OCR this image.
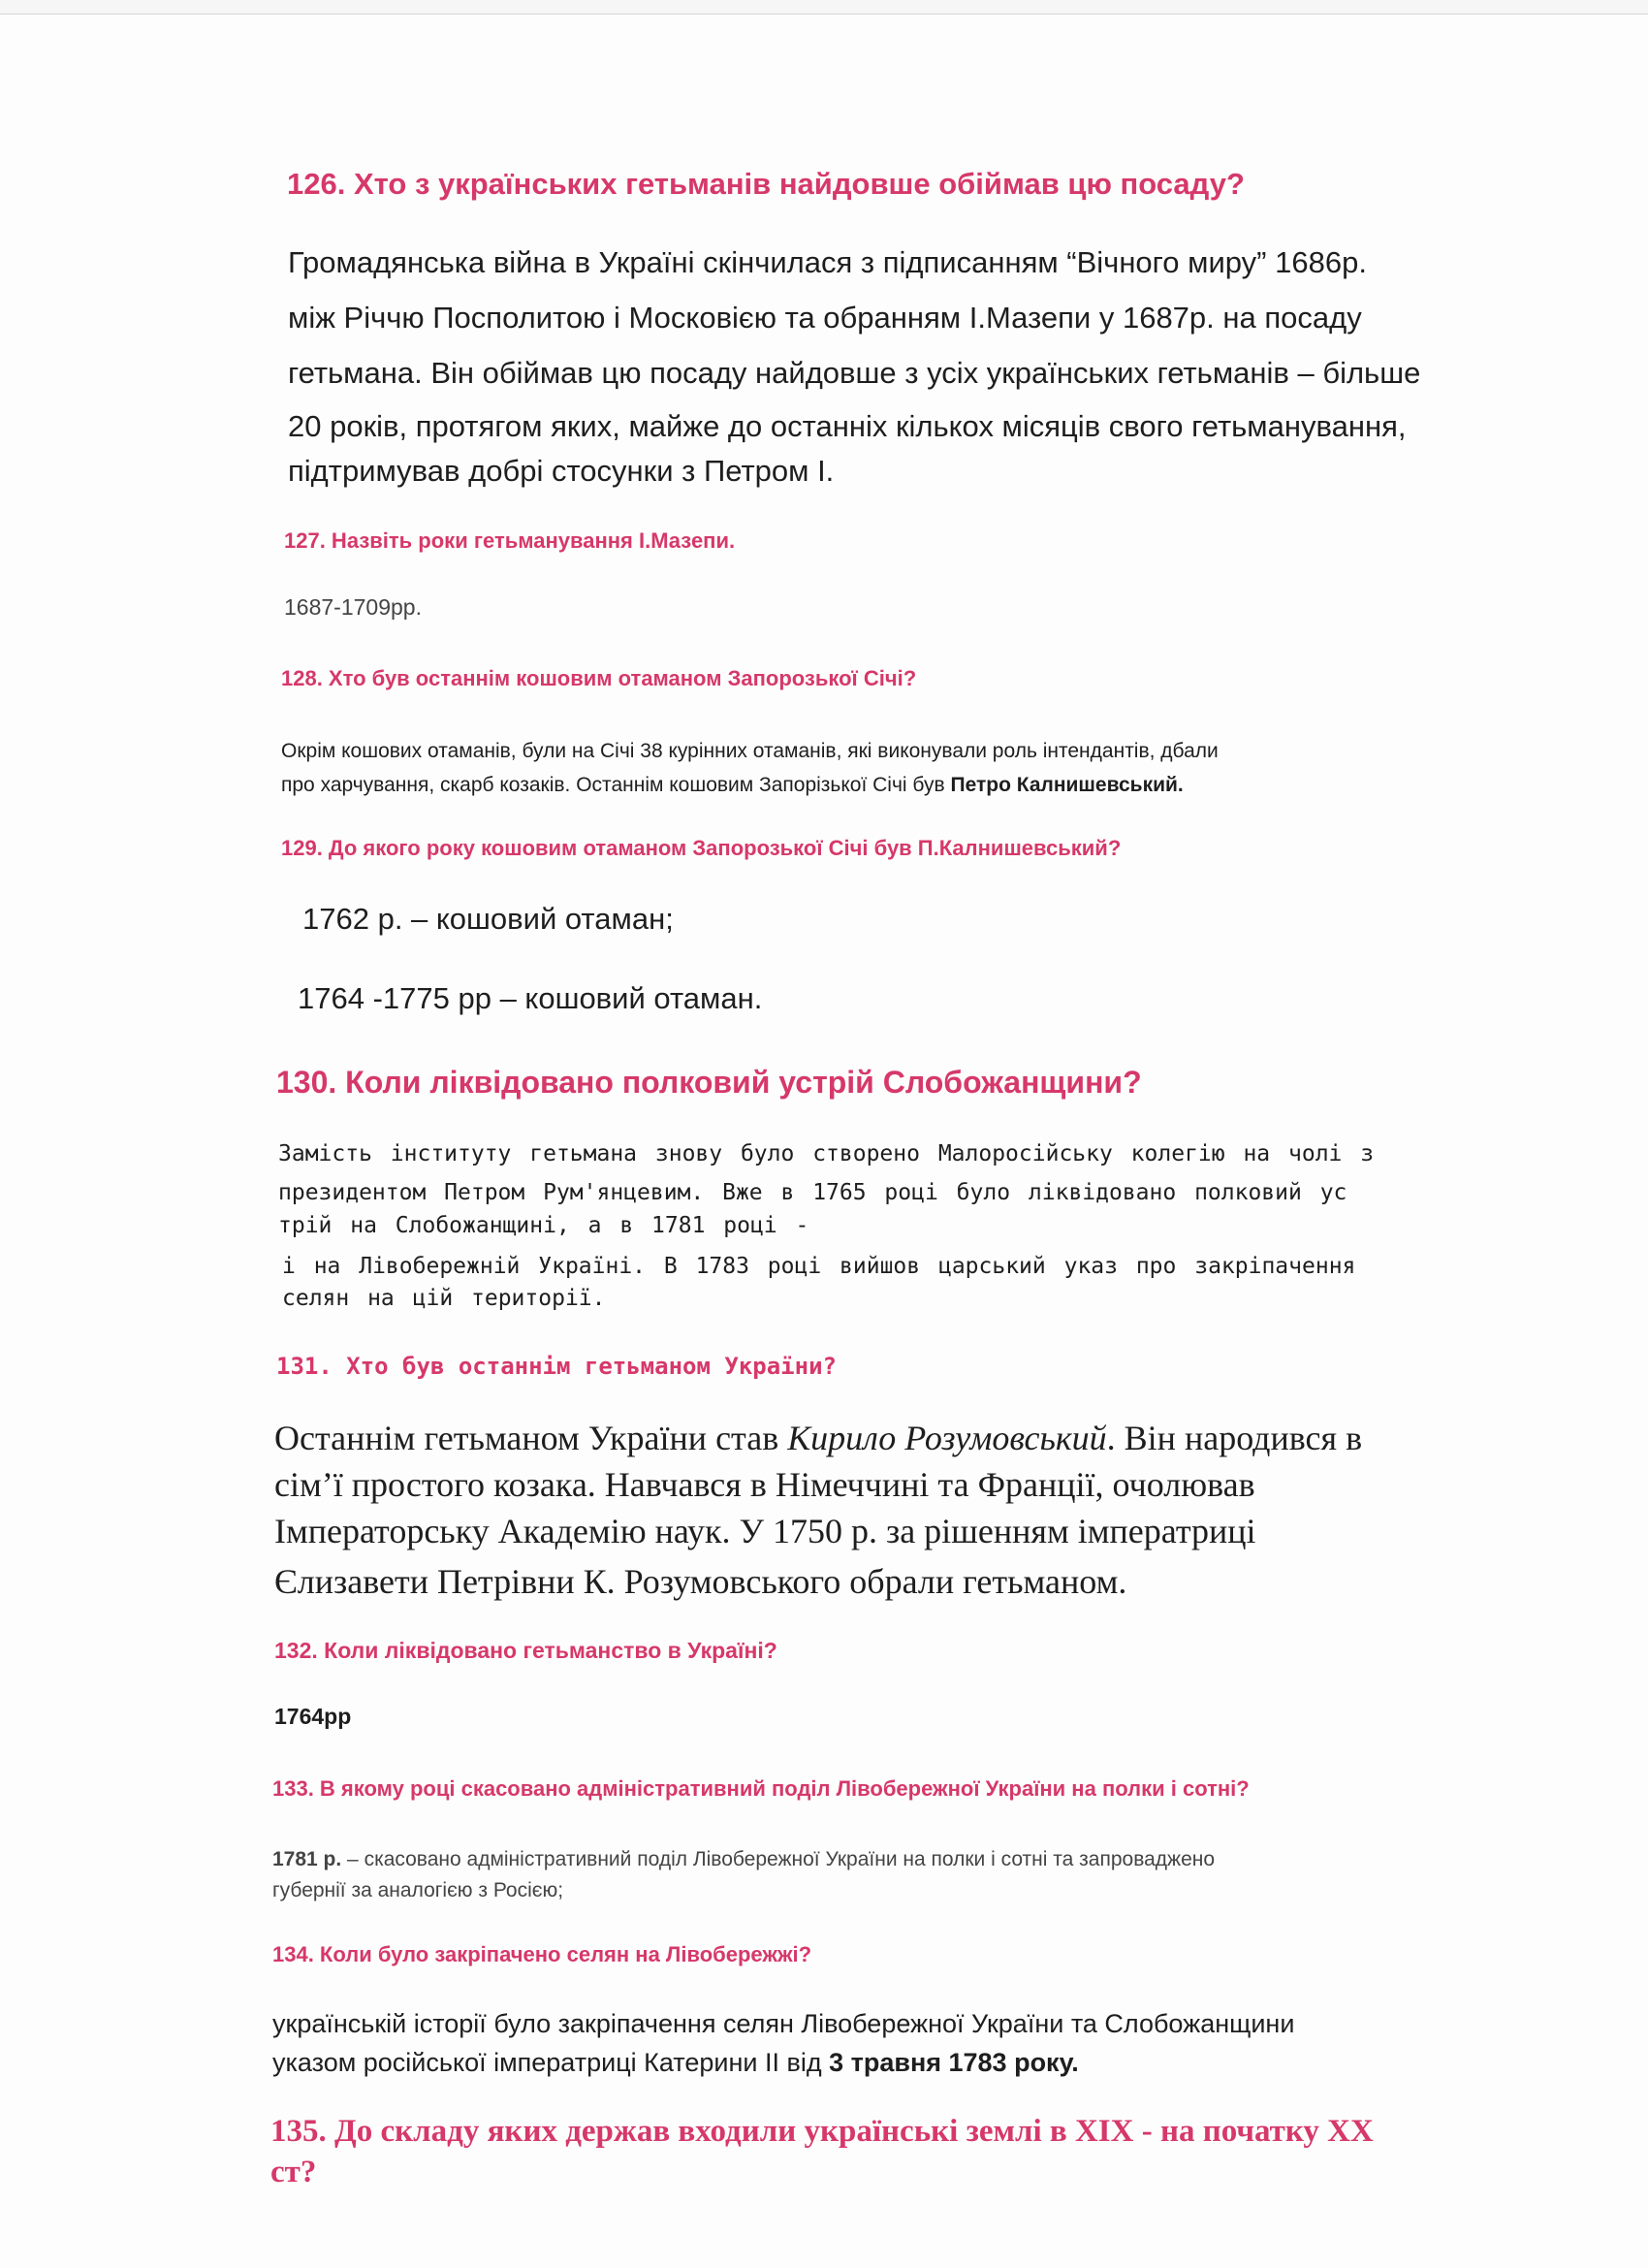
126. Хто з українських гетьманів найдовше обіймав цю посаду?
Громадянська війна в Україні скінчилася з підписанням “Вічного миру” 1686р.
між Річчю Посполитою і Московією та обранням І.Мазепи у 1687р. на посаду
гетьмана. Він обіймав цю посаду найдовше з усіх українських гетьманів – більше
20 років, протягом яких, майже до останніх кількох місяців свого гетьманування,
підтримував добрі стосунки з Петром І.
127. Назвіть роки гетьманування І.Мазепи.
1687-1709рр.
128. Хто був останнім кошовим отаманом Запорозької Січі?
Окрім кошових отаманів, були на Січі 38 курінних отаманів, які виконували роль інтендантів, дбали
про харчування, скарб козаків. Останнім кошовим Запорізької Січі був Петро Калнишевський.
129. До якого року кошовим отаманом Запорозької Січі був П.Калнишевський?
1762 р. – кошовий отаман;
1764 -1775 рр – кошовий отаман.
130. Коли ліквідовано полковий устрій Слобожанщини?
Замість інституту гетьмана знову було створено Малоросійську колегію на чолі з
президентом Петром Рум'янцевим. Вже в 1765 році було ліквідовано полковий ус
трій на Слобожанщині, а в 1781 році -
і на Лівобережній Україні. В 1783 році вийшов царський указ про закріпачення
селян на цій території.
131. Хто був останнім гетьманом України?
Останнім гетьманом України став Кирило Розумовський. Він народився в
сім’ї простого козака. Навчався в Німеччині та Франції, очолював
Імператорську Академію наук. У 1750 р. за рішенням імператриці
Єлизавети Петрівни К. Розумовського обрали гетьманом.
132. Коли ліквідовано гетьманство в Україні?
1764рр
133. В якому році скасовано адміністративний поділ Лівобережної України на полки і сотні?
1781 р. – скасовано адміністративний поділ Лівобережної України на полки і сотні та запроваджено
губернії за аналогією з Росією;
134. Коли було закріпачено селян на Лівобережжі?
українській історії було закріпачення селян Лівобережної України та Слобожанщини
указом російської імператриці Катерини ІІ від 3 травня 1783 року.
135. До складу яких держав входили українські землі в XIX - на початку XX
ст?
